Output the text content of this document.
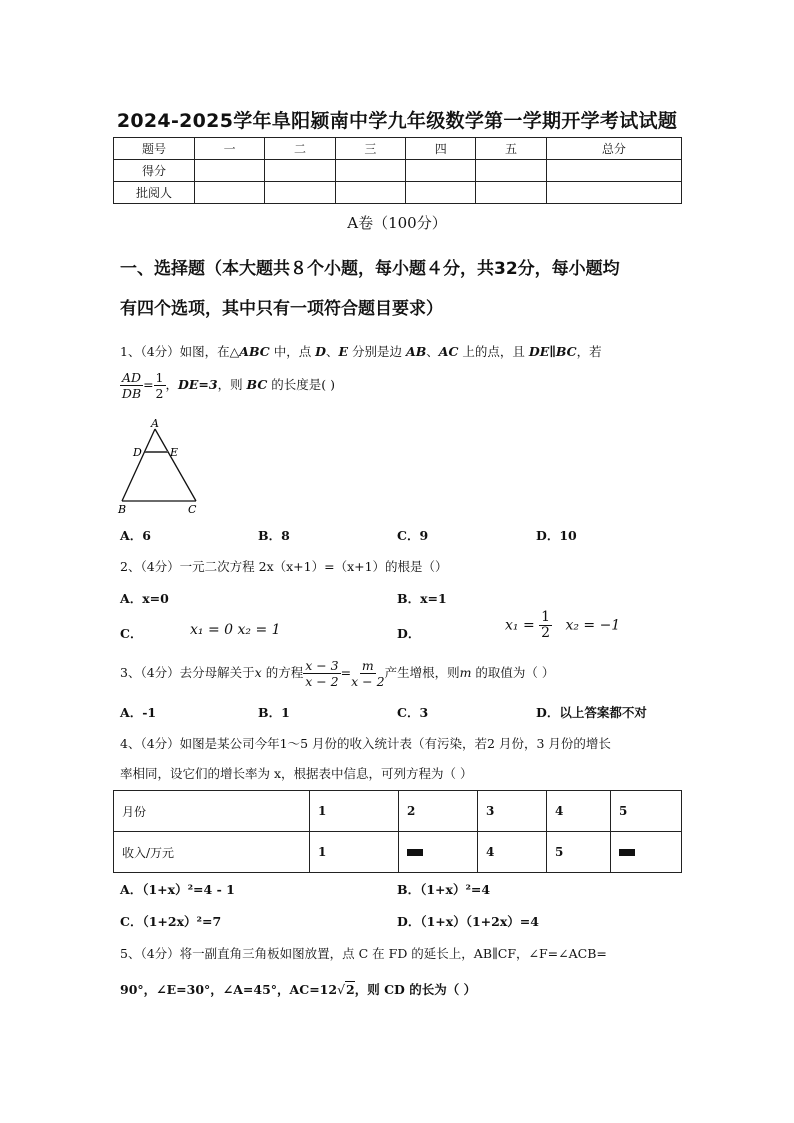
2024-2025学年阜阳颍南中学九年级数学第一学期开学考试试题
题号	一	二	三	四	五	总分
得分						
批阅人						
A卷（100分）
一、选择题（本大题共８个小题，每小题４分，共32分，每小题均
有四个选项，其中只有一项符合题目要求）
1、（4分）如图，在△ABC 中，点 D、E 分别是边 AB、AC 上的点，且 DE∥BC，若
$\frac{AD}{DB} = \frac{1}{2}$ ，DE=3，则 BC 的长度是( )
A
D	E
B	C
A．6	B．8	C．9	D．10
2、（4分）一元二次方程 2x（x+1）=（x+1）的根是（）
A．x=0	B．x=1
C．	x₁ = 0 x₂ = 1	D．	$x_1 = \frac{1}{2} x_2 = -1$
3、（4分）去分母解关于x 的方程 $\frac{x - 3}{x - 2} = \frac{m}{x - 2}$ 产生增根，则m 的取值为（ ）
A．-1	B．1	C．3	D．以上答案都不对
4、（4分）如图是某公司今年1～5 月份的收入统计表（有污染，若2 月份，3 月份的增长
率相同，设它们的增长率为 x，根据表中信息，可列方程为（ ）
月份	1	2	3	4	5
收入/万元	1		4	5	
A．（1+x）²=4 - 1	B．（1+x）²=4
C．（1+2x）²=7	D．（1+x）（1+2x）=4
5、（4分）将一副直角三角板如图放置，点 C 在 FD 的延长上，AB∥CF，∠F=∠ACB=
90°，∠E=30°，∠A=45°，AC=12√2，则 CD 的长为（ ）
